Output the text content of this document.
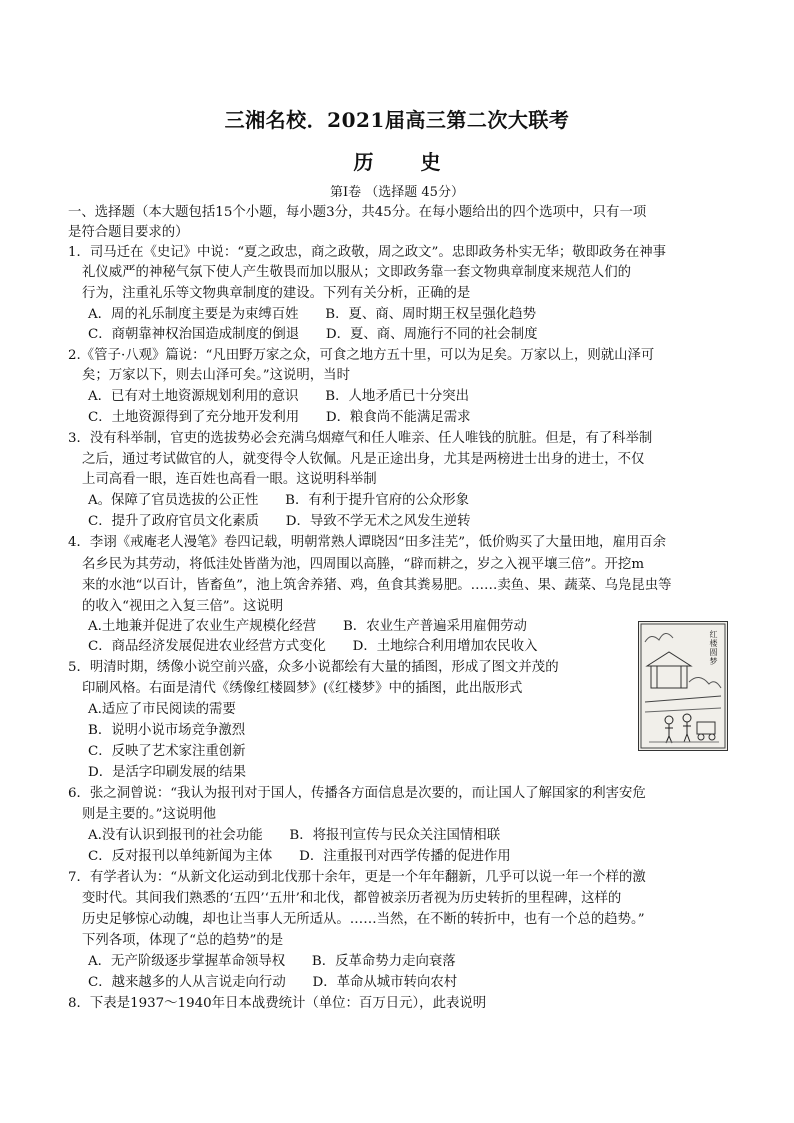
三湘名校．2021届高三第二次大联考
历 史
第Ⅰ卷 （选择题 45分）
一、选择题（本大题包括15个小题，每小题3分，共45分。在每小题给出的四个选项中，只有一项
是符合题目要求的）
1．司马迁在《史记》中说：“夏之政忠，商之政敬，周之政文”。忠即政务朴实无华；敬即政务在神事
礼仪威严的神秘气氛下使人产生敬畏而加以服从；文即政务靠一套文物典章制度来规范人们的
行为，注重礼乐等文物典章制度的建设。下列有关分析，正确的是
A．周的礼乐制度主要是为束缚百姓　　B．夏、商、周时期王权呈强化趋势
C．商朝靠神权治国造成制度的倒退　　D．夏、商、周施行不同的社会制度
2.《管子·八观》篇说：“凡田野万家之众，可食之地方五十里，可以为足矣。万家以上，则就山泽可
矣；万家以下，则去山泽可矣。”这说明，当时
A．已有对土地资源规划利用的意识　　B．人地矛盾已十分突出
C．土地资源得到了充分地开发利用　　D．粮食尚不能满足需求
3．没有科举制，官吏的选拔势必会充满乌烟瘴气和任人唯亲、任人唯钱的肮脏。但是，有了科举制
之后，通过考试做官的人，就变得令人钦佩。凡是正途出身，尤其是两榜进士出身的进士，不仅
上司高看一眼，连百姓也高看一眼。这说明科举制
A。保障了官员选拔的公正性　　B．有利于提升官府的公众形象
C．提升了政府官员文化素质　　D．导致不学无术之风发生逆转
4．李诩《戒庵老人漫笔》卷四记载，明朝常熟人谭晓因“田多洼芜”，低价购买了大量田地，雇用百余
名乡民为其劳动，将低洼处皆凿为池，四周围以高塍，“辟而耕之，岁之入视平壤三倍”。开挖m
来的水池“以百计，皆畜鱼”，池上筑舍养猪、鸡，鱼食其粪易肥。……卖鱼、果、蔬菜、乌凫昆虫等
的收入“视田之入复三倍”。这说明
A.土地兼并促进了农业生产规模化经营　　B．农业生产普遍采用雇佣劳动
C．商品经济发展促进农业经营方式变化　　D．土地综合利用增加农民收入
5．明清时期，绣像小说空前兴盛，众多小说都绘有大量的插图，形成了图文并茂的
印刷风格。右面是清代《绣像红楼圆梦》(《红楼梦》中的插图，此出版形式
A.适应了市民阅读的需要
B．说明小说市场竞争激烈
C．反映了艺术家注重创新
D．是活字印刷发展的结果
6．张之洞曾说：“我认为报刊对于国人，传播各方面信息是次要的，而让国人了解国家的利害安危
则是主要的。”这说明他
A.没有认识到报刊的社会功能　　B．将报刊宣传与民众关注国情相联
C．反对报刊以单纯新闻为主体　　D．注重报刊对西学传播的促进作用
7．有学者认为：“从新文化运动到北伐那十余年，更是一个年年翻新，几乎可以说一年一个样的激
变时代。其间我们熟悉的‘五四’‘五卅’和北伐，都曾被亲历者视为历史转折的里程碑，这样的
历史足够惊心动魄，却也让当事人无所适从。……当然，在不断的转折中，也有一个总的趋势。”
下列各项，体现了“总的趋势”的是
A．无产阶级逐步掌握革命领导权　　B．反革命势力走向衰落
C．越来越多的人从言说走向行动　　D．革命从城市转向农村
8．下表是1937～1940年日本战费统计（单位：百万日元），此表说明
红楼圆梦
